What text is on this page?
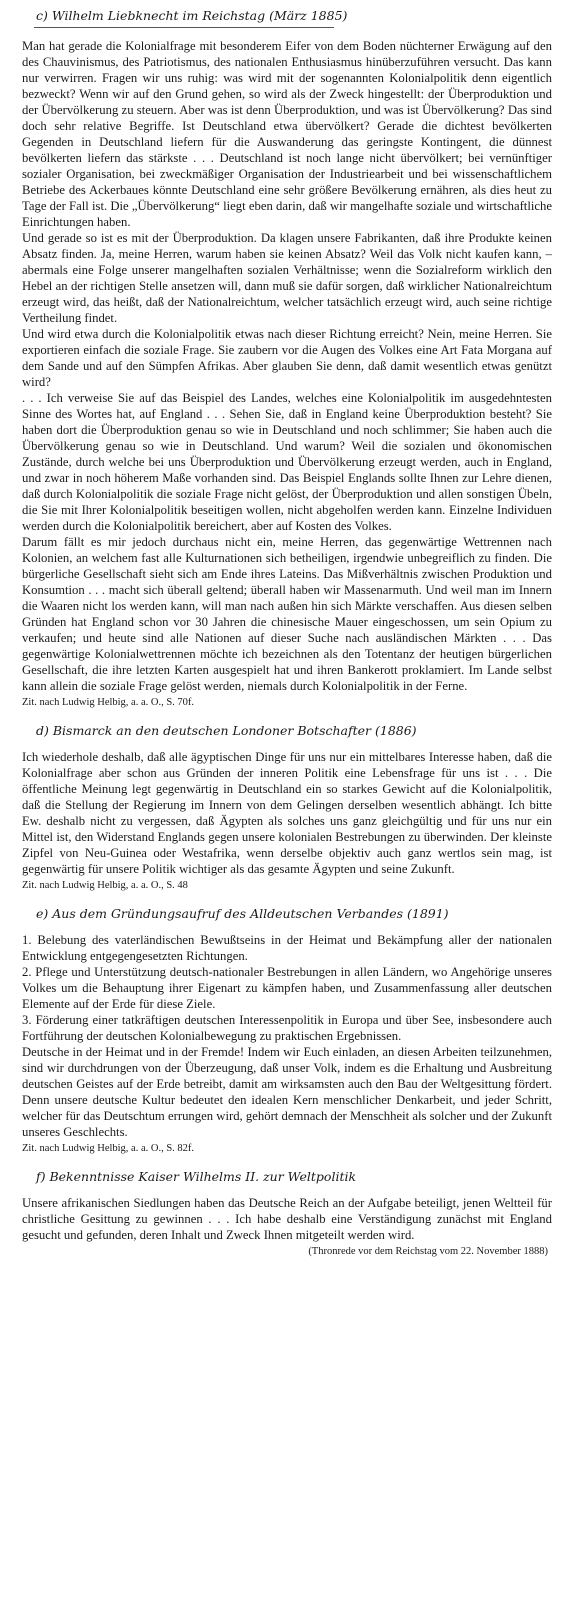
c) Wilhelm Liebknecht im Reichstag (März 1885)

Man hat gerade die Kolonialfrage mit besonderem Eifer von dem Boden nüchterner Erwägung auf den des Chauvinismus, des Patriotismus, des nationalen Enthusiasmus hinüberzuführen versucht. Das kann nur verwirren. Fragen wir uns ruhig: was wird mit der sogenannten Kolonialpolitik denn eigentlich bezweckt? Wenn wir auf den Grund gehen, so wird als der Zweck hingestellt: der Überproduktion und der Übervölkerung zu steuern. Aber was ist denn Überproduktion, und was ist Übervölkerung? Das sind doch sehr relative Begriffe. Ist Deutschland etwa übervölkert? Gerade die dichtest bevölkerten Gegenden in Deutschland liefern für die Auswanderung das geringste Kontingent, die dünnest bevölkerten liefern das stärkste . . . Deutschland ist noch lange nicht übervölkert; bei vernünftiger sozialer Organisation, bei zweckmäßiger Organisation der Industriearbeit und bei wissenschaftlichem Betriebe des Ackerbaues könnte Deutschland eine sehr größere Bevölkerung ernähren, als dies heut zu Tage der Fall ist. Die „Übervölkerung“ liegt eben darin, daß wir mangelhafte soziale und wirtschaftliche Einrichtungen haben.

Und gerade so ist es mit der Überproduktion. Da klagen unsere Fabrikanten, daß ihre Produkte keinen Absatz finden. Ja, meine Herren, warum haben sie keinen Absatz? Weil das Volk nicht kaufen kann, – abermals eine Folge unserer mangelhaften sozialen Verhältnisse; wenn die Sozialreform wirklich den Hebel an der richtigen Stelle ansetzen will, dann muß sie dafür sorgen, daß wirklicher Nationalreichtum erzeugt wird, das heißt, daß der Nationalreichtum, welcher tatsächlich erzeugt wird, auch seine richtige Vertheilung findet.

Und wird etwa durch die Kolonialpolitik etwas nach dieser Richtung erreicht? Nein, meine Herren. Sie exportieren einfach die soziale Frage. Sie zaubern vor die Augen des Volkes eine Art Fata Morgana auf dem Sande und auf den Sümpfen Afrikas. Aber glauben Sie denn, daß damit wesentlich etwas genützt wird?

. . . Ich verweise Sie auf das Beispiel des Landes, welches eine Kolonialpolitik im ausgedehntesten Sinne des Wortes hat, auf England . . . Sehen Sie, daß in England keine Überproduktion besteht? Sie haben dort die Überproduktion genau so wie in Deutschland und noch schlimmer; Sie haben auch die Übervölkerung genau so wie in Deutschland. Und warum? Weil die sozialen und ökonomischen Zustände, durch welche bei uns Überproduktion und Übervölkerung erzeugt werden, auch in England, und zwar in noch höherem Maße vorhanden sind. Das Beispiel Englands sollte Ihnen zur Lehre dienen, daß durch Kolonialpolitik die soziale Frage nicht gelöst, der Überproduktion und allen sonstigen Übeln, die Sie mit Ihrer Kolonialpolitik beseitigen wollen, nicht abgeholfen werden kann. Einzelne Individuen werden durch die Kolonialpolitik bereichert, aber auf Kosten des Volkes.

Darum fällt es mir jedoch durchaus nicht ein, meine Herren, das gegenwärtige Wettrennen nach Kolonien, an welchem fast alle Kulturnationen sich betheiligen, irgendwie unbegreiflich zu finden. Die bürgerliche Gesellschaft sieht sich am Ende ihres Lateins. Das Mißverhältnis zwischen Produktion und Konsumtion . . . macht sich überall geltend; überall haben wir Massenarmuth. Und weil man im Innern die Waaren nicht los werden kann, will man nach außen hin sich Märkte verschaffen. Aus diesen selben Gründen hat England schon vor 30 Jahren die chinesische Mauer eingeschossen, um sein Opium zu verkaufen; und heute sind alle Nationen auf dieser Suche nach ausländischen Märkten . . . Das gegenwärtige Kolonialwettrennen möchte ich bezeichnen als den Totentanz der heutigen bürgerlichen Gesellschaft, die ihre letzten Karten ausgespielt hat und ihren Bankerott proklamiert. Im Lande selbst kann allein die soziale Frage gelöst werden, niemals durch Kolonialpolitik in der Ferne.

Zit. nach Ludwig Helbig, a. a. O., S. 70f.

d) Bismarck an den deutschen Londoner Botschafter (1886)

Ich wiederhole deshalb, daß alle ägyptischen Dinge für uns nur ein mittelbares Interesse haben, daß die Kolonialfrage aber schon aus Gründen der inneren Politik eine Lebensfrage für uns ist . . . Die öffentliche Meinung legt gegenwärtig in Deutschland ein so starkes Gewicht auf die Kolonialpolitik, daß die Stellung der Regierung im Innern von dem Gelingen derselben wesentlich abhängt. Ich bitte Ew. deshalb nicht zu vergessen, daß Ägypten als solches uns ganz gleichgültig und für uns nur ein Mittel ist, den Widerstand Englands gegen unsere kolonialen Bestrebungen zu überwinden. Der kleinste Zipfel von Neu-Guinea oder Westafrika, wenn derselbe objektiv auch ganz wertlos sein mag, ist gegenwärtig für unsere Politik wichtiger als das gesamte Ägypten und seine Zukunft.

Zit. nach Ludwig Helbig, a. a. O., S. 48

e) Aus dem Gründungsaufruf des Alldeutschen Verbandes (1891)

1. Belebung des vaterländischen Bewußtseins in der Heimat und Bekämpfung aller der nationalen Entwicklung entgegengesetzten Richtungen.

2. Pflege und Unterstützung deutsch-nationaler Bestrebungen in allen Ländern, wo Angehörige unseres Volkes um die Behauptung ihrer Eigenart zu kämpfen haben, und Zusammenfassung aller deutschen Elemente auf der Erde für diese Ziele.

3. Förderung einer tatkräftigen deutschen Interessenpolitik in Europa und über See, insbesondere auch Fortführung der deutschen Kolonialbewegung zu praktischen Ergebnissen.

Deutsche in der Heimat und in der Fremde! Indem wir Euch einladen, an diesen Arbeiten teilzunehmen, sind wir durchdrungen von der Überzeugung, daß unser Volk, indem es die Erhaltung und Ausbreitung deutschen Geistes auf der Erde betreibt, damit am wirksamsten auch den Bau der Weltgesittung fördert. Denn unsere deutsche Kultur bedeutet den idealen Kern menschlicher Denkarbeit, und jeder Schritt, welcher für das Deutschtum errungen wird, gehört demnach der Menschheit als solcher und der Zukunft unseres Geschlechts.

Zit. nach Ludwig Helbig, a. a. O., S. 82f.

f) Bekenntnisse Kaiser Wilhelms II. zur Weltpolitik

Unsere afrikanischen Siedlungen haben das Deutsche Reich an der Aufgabe beteiligt, jenen Weltteil für christliche Gesittung zu gewinnen . . . Ich habe deshalb eine Verständigung zunächst mit England gesucht und gefunden, deren Inhalt und Zweck Ihnen mitgeteilt werden wird.

(Thronrede vor dem Reichstag vom 22. November 1888)
